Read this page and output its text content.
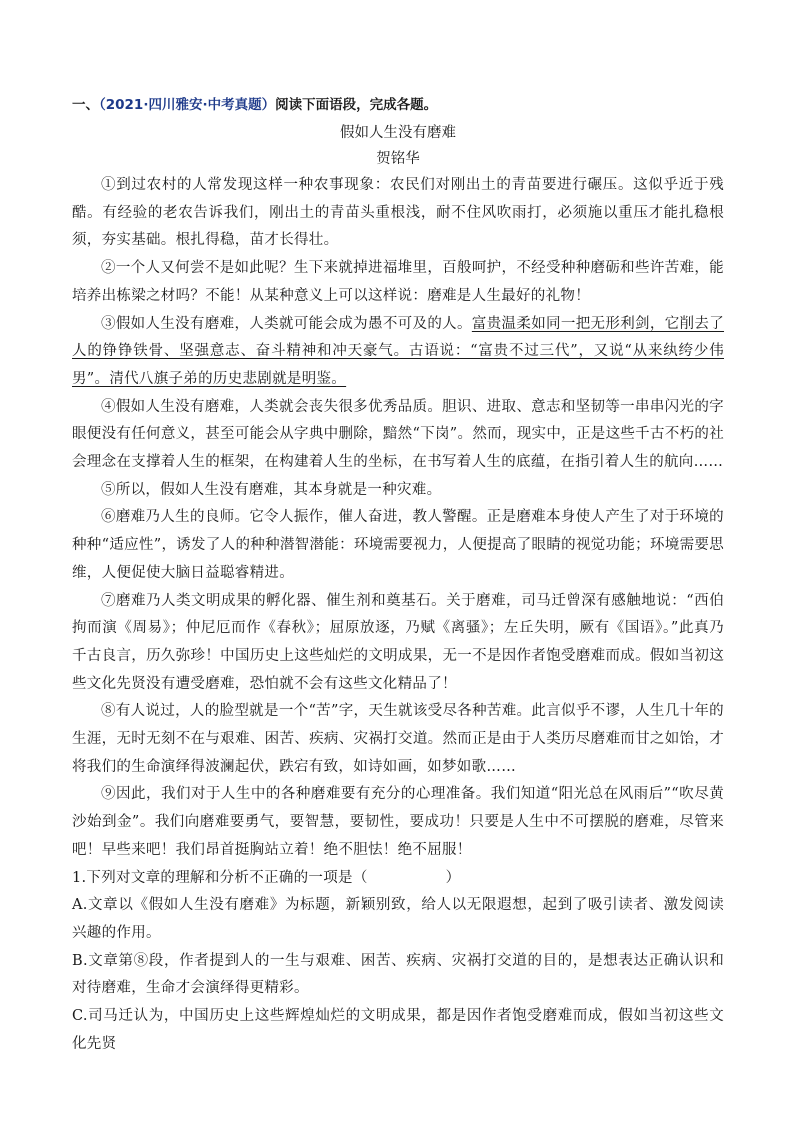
一、（2021·四川雅安·中考真题）阅读下面语段，完成各题。
假如人生没有磨难
贺铭华

①到过农村的人常发现这样一种农事现象：农民们对刚出土的青苗要进行碾压。这似乎近于残酷。有经验的老农告诉我们，刚出土的青苗头重根浅，耐不住风吹雨打，必须施以重压才能扎稳根须，夯实基础。根扎得稳，苗才长得壮。

②一个人又何尝不是如此呢？生下来就掉进福堆里，百般呵护，不经受种种磨砺和些许苦难，能培养出栋梁之材吗？不能！从某种意义上可以这样说：磨难是人生最好的礼物！

③假如人生没有磨难，人类就可能会成为愚不可及的人。富贵温柔如同一把无形利剑，它削去了人的铮铮铁骨、坚强意志、奋斗精神和冲天豪气。古语说：“富贵不过三代”，又说“从来纨绔少伟男”。清代八旗子弟的历史悲剧就是明鉴。

④假如人生没有磨难，人类就会丧失很多优秀品质。胆识、进取、意志和坚韧等一串串闪光的字眼便没有任何意义，甚至可能会从字典中删除，黯然“下岗”。然而，现实中，正是这些千古不朽的社会理念在支撑着人生的框架，在构建着人生的坐标，在书写着人生的底蕴，在指引着人生的航向……

⑤所以，假如人生没有磨难，其本身就是一种灾难。

⑥磨难乃人生的良师。它令人振作，催人奋进，教人警醒。正是磨难本身使人产生了对于环境的种种“适应性”，诱发了人的种种潜智潜能：环境需要视力，人便提高了眼睛的视觉功能；环境需要思维，人便促使大脑日益聪睿精进。

⑦磨难乃人类文明成果的孵化器、催生剂和奠基石。关于磨难，司马迁曾深有感触地说：“西伯拘而演《周易》；仲尼厄而作《春秋》；屈原放逐，乃赋《离骚》；左丘失明，厥有《国语》。”此真乃千古良言，历久弥珍！中国历史上这些灿烂的文明成果，无一不是因作者饱受磨难而成。假如当初这些文化先贤没有遭受磨难，恐怕就不会有这些文化精品了！

⑧有人说过，人的脸型就是一个“苦”字，天生就该受尽各种苦难。此言似乎不谬，人生几十年的生涯，无时无刻不在与艰难、困苦、疾病、灾祸打交道。然而正是由于人类历尽磨难而甘之如饴，才将我们的生命演绎得波澜起伏，跌宕有致，如诗如画，如梦如歌……

⑨因此，我们对于人生中的各种磨难要有充分的心理准备。我们知道“阳光总在风雨后”“吹尽黄沙始到金”。我们向磨难要勇气，要智慧，要韧性，要成功！只要是人生中不可摆脱的磨难，尽管来吧！早些来吧！我们昂首挺胸站立着！绝不胆怯！绝不屈服！

1.下列对文章的理解和分析不正确的一项是（	）

A.文章以《假如人生没有磨难》为标题，新颖别致，给人以无限遐想，起到了吸引读者、激发阅读兴趣的作用。

B.文章第⑧段，作者提到人的一生与艰难、困苦、疾病、灾祸打交道的目的，是想表达正确认识和对待磨难，生命才会演绎得更精彩。

C.司马迁认为，中国历史上这些辉煌灿烂的文明成果，都是因作者饱受磨难而成，假如当初这些文化先贤
